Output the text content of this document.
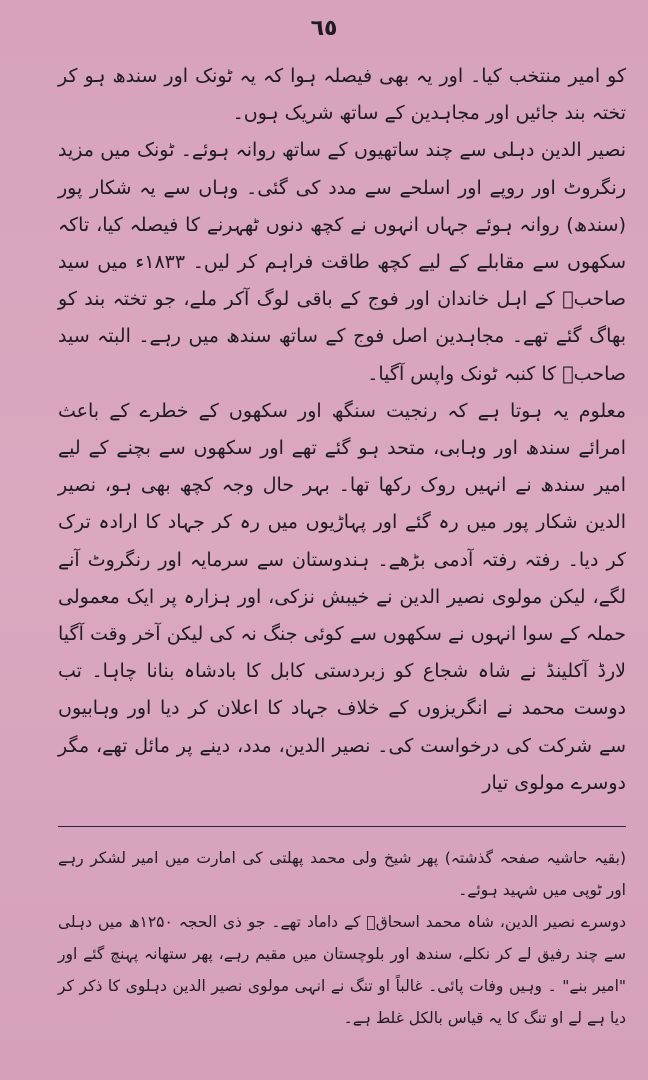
٦٥

کو امیر منتخب کیا۔ اور یہ بھی فیصلہ ہوا کہ یہ ٹونک اور سندھ ہو کر تختہ بند جائیں اور مجاہدین کے ساتھ شریک ہوں۔

نصیر الدین دہلی سے چند ساتھیوں کے ساتھ روانہ ہوئے۔ ٹونک میں مزید رنگروٹ اور روپے اور اسلحے سے مدد کی گئی۔ وہاں سے یہ شکار پور (سندھ) روانہ ہوئے جہاں انہوں نے کچھ دنوں ٹھہرنے کا فیصلہ کیا، تاکہ سکھوں سے مقابلے کے لیے کچھ طاقت فراہم کر لیں۔ ۱۸۳۳ء میں سید صاحبؒ کے اہل خاندان اور فوج کے باقی لوگ آکر ملے، جو تختہ بند کو بھاگ گئے تھے۔ مجاہدین اصل فوج کے ساتھ سندھ میں رہے۔ البتہ سید صاحبؒ کا کنبہ ٹونک واپس آگیا۔

معلوم یہ ہوتا ہے کہ رنجیت سنگھ اور سکھوں کے خطرے کے باعث امرائے سندھ اور وہابی، متحد ہو گئے تھے اور سکھوں سے بچنے کے لیے امیر سندھ نے انہیں روک رکھا تھا۔ بہر حال وجہ کچھ بھی ہو، نصیر الدین شکار پور میں رہ گئے اور پہاڑیوں میں رہ کر جہاد کا ارادہ ترک کر دیا۔ رفتہ رفتہ آدمی بڑھے۔ ہندوستان سے سرمایہ اور رنگروٹ آنے لگے، لیکن مولوی نصیر الدین نے خیبش نزکی، اور ہزارہ پر ایک معمولی حملہ کے سوا انہوں نے سکھوں سے کوئی جنگ نہ کی لیکن آخر وقت آگیا لارڈ آکلینڈ نے شاہ شجاع کو زبردستی کابل کا بادشاہ بنانا چاہا۔ تب دوست محمد نے انگریزوں کے خلاف جہاد کا اعلان کر دیا اور وہابیوں سے شرکت کی درخواست کی۔ نصیر الدین، مدد، دینے پر مائل تھے، مگر دوسرے مولوی تیار

(بقیہ حاشیہ صفحہ گذشتہ) پھر شیخ ولی محمد پھلتی کی امارت میں امیر لشکر رہے اور ٹوپی میں شہید ہوئے۔

دوسرے نصیر الدین، شاہ محمد اسحاقؒ کے داماد تھے۔ جو ذی الحجہ ۱۲۵۰ھ میں دہلی سے چند رفیق لے کر نکلے، سندھ اور بلوچستان میں مقیم رہے، پھر ستھانہ پہنچ گئے اور "امیر بنے" ۔ وہیں وفات پائی۔ غالباً او تنگ نے انہی مولوی نصیر الدین دہلوی کا ذکر کر دیا ہے لے او تنگ کا یہ قیاس بالکل غلط ہے۔
